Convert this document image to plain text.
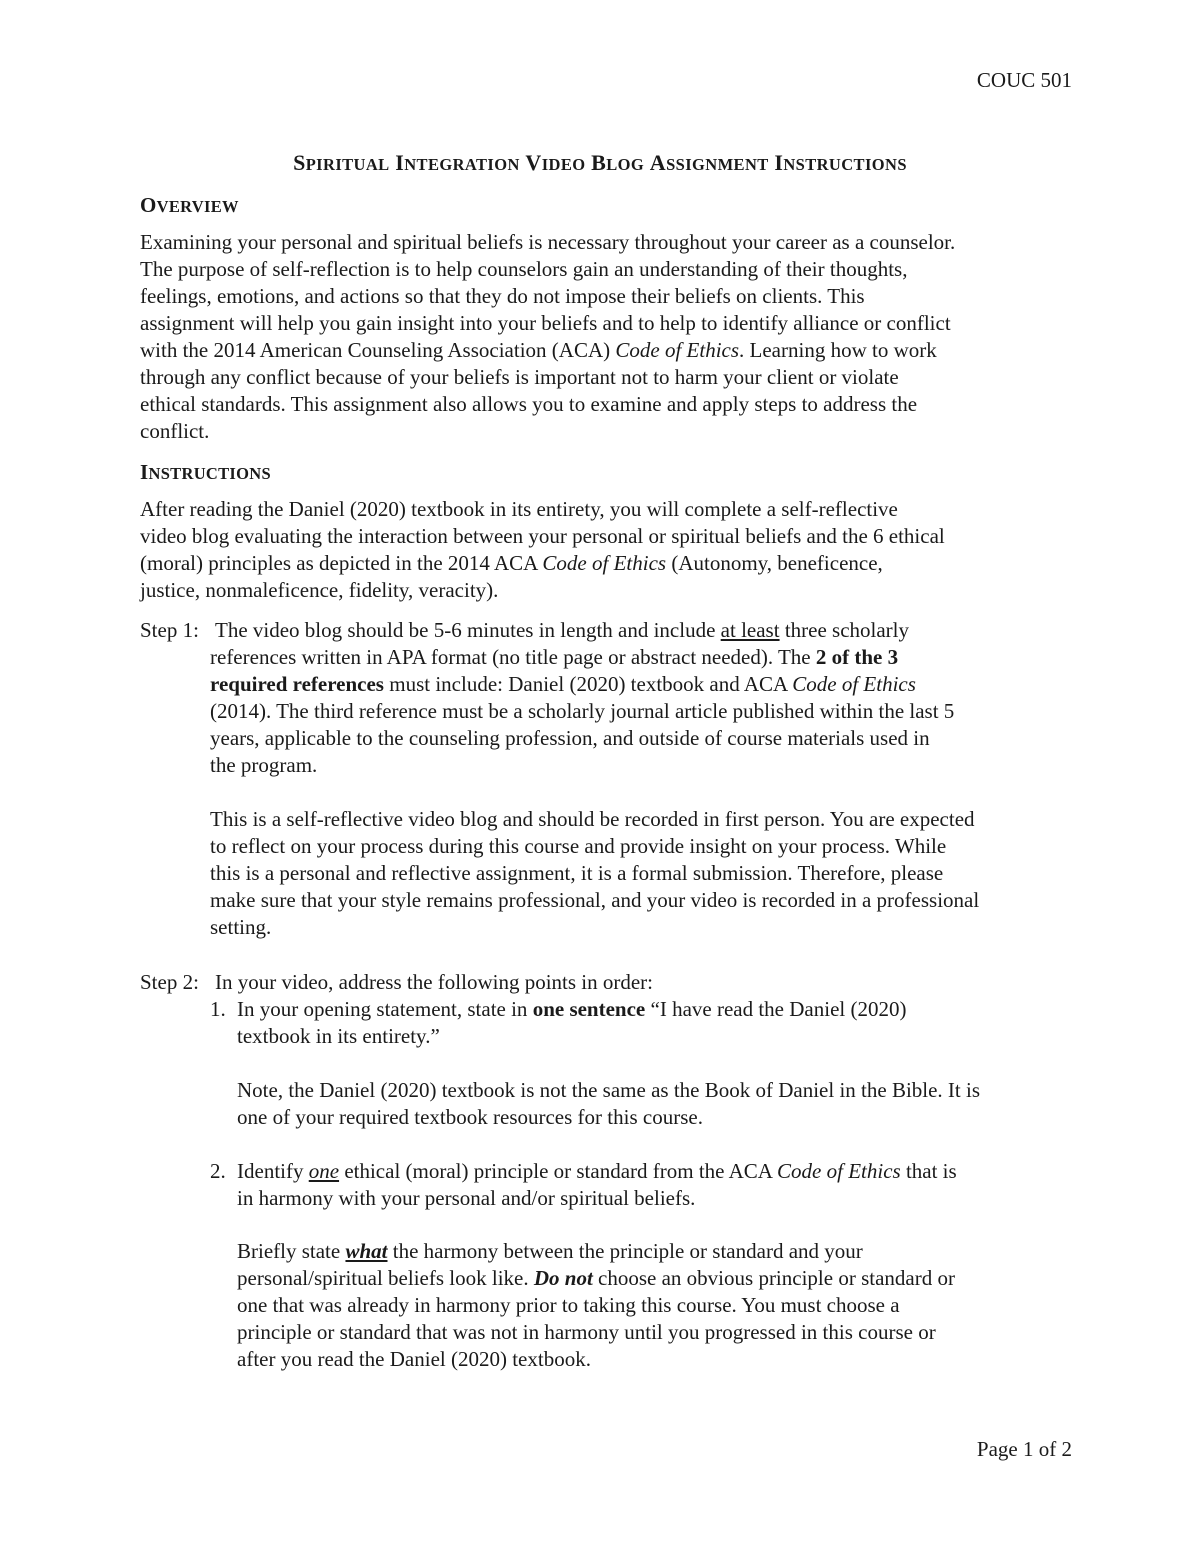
COUC 501
SPIRITUAL INTEGRATION VIDEO BLOG ASSIGNMENT INSTRUCTIONS
OVERVIEW
Examining your personal and spiritual beliefs is necessary throughout your career as a counselor.
The purpose of self-reflection is to help counselors gain an understanding of their thoughts,
feelings, emotions, and actions so that they do not impose their beliefs on clients. This
assignment will help you gain insight into your beliefs and to help to identify alliance or conflict
with the 2014 American Counseling Association (ACA) Code of Ethics. Learning how to work
through any conflict because of your beliefs is important not to harm your client or violate
ethical standards. This assignment also allows you to examine and apply steps to address the
conflict.
INSTRUCTIONS
After reading the Daniel (2020) textbook in its entirety, you will complete a self-reflective
video blog evaluating the interaction between your personal or spiritual beliefs and the 6 ethical
(moral) principles as depicted in the 2014 ACA Code of Ethics (Autonomy, beneficence,
justice, nonmaleficence, fidelity, veracity).
Step 1: The video blog should be 5-6 minutes in length and include at least three scholarly
references written in APA format (no title page or abstract needed). The 2 of the 3
required references must include: Daniel (2020) textbook and ACA Code of Ethics
(2014). The third reference must be a scholarly journal article published within the last 5
years, applicable to the counseling profession, and outside of course materials used in
the program.
This is a self-reflective video blog and should be recorded in first person. You are expected
to reflect on your process during this course and provide insight on your process. While
this is a personal and reflective assignment, it is a formal submission. Therefore, please
make sure that your style remains professional, and your video is recorded in a professional
setting.
Step 2: In your video, address the following points in order:
1. In your opening statement, state in one sentence “I have read the Daniel (2020)
textbook in its entirety.”
Note, the Daniel (2020) textbook is not the same as the Book of Daniel in the Bible. It is
one of your required textbook resources for this course.
2. Identify one ethical (moral) principle or standard from the ACA Code of Ethics that is
in harmony with your personal and/or spiritual beliefs.
Briefly state what the harmony between the principle or standard and your
personal/spiritual beliefs look like. Do not choose an obvious principle or standard or
one that was already in harmony prior to taking this course. You must choose a
principle or standard that was not in harmony until you progressed in this course or
after you read the Daniel (2020) textbook.
Page 1 of 2
